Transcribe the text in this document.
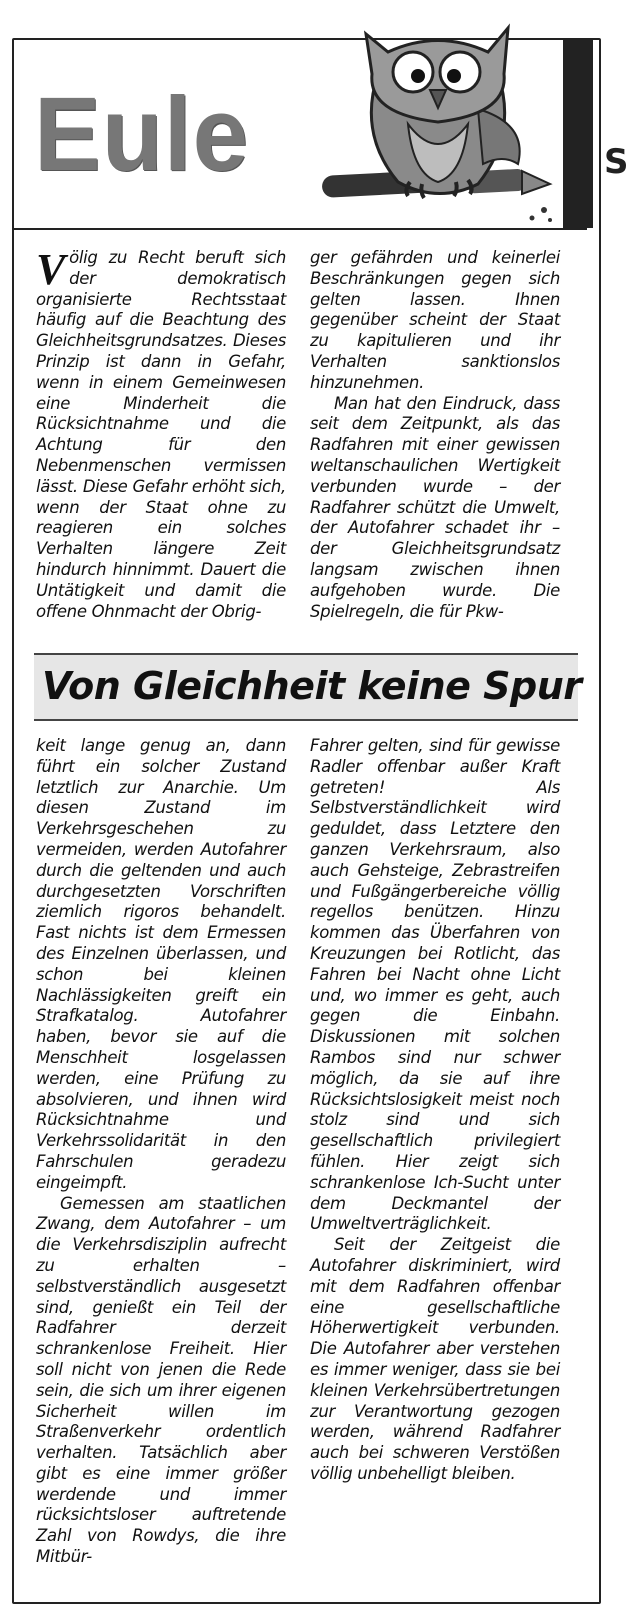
S
Eule
V ölig zu Recht beruft sich der demokratisch organisierte Rechtsstaat häufig auf die Beachtung des Gleichheitsgrundsatzes. Dieses Prinzip ist dann in Gefahr, wenn in einem Gemeinwesen eine Minderheit die Rücksichtnahme und die Achtung für den Nebenmenschen vermissen lässt. Diese Gefahr erhöht sich, wenn der Staat ohne zu reagieren ein solches Verhalten längere Zeit hindurch hinnimmt. Dauert die Untätigkeit und damit die offene Ohnmacht der Obrig-

ger gefährden und keinerlei Beschränkungen gegen sich gelten lassen. Ihnen gegenüber scheint der Staat zu kapitulieren und ihr Verhalten sanktionslos hinzunehmen.

Man hat den Eindruck, dass seit dem Zeitpunkt, als das Radfahren mit einer gewissen weltanschaulichen Wertigkeit verbunden wurde – der Radfahrer schützt die Umwelt, der Autofahrer schadet ihr – der Gleichheitsgrundsatz langsam zwischen ihnen aufgehoben wurde. Die Spielregeln, die für Pkw-

Von Gleichheit keine Spur

keit lange genug an, dann führt ein solcher Zustand letztlich zur Anarchie. Um diesen Zustand im Verkehrsgeschehen zu vermeiden, werden Autofahrer durch die geltenden und auch durchgesetzten Vorschriften ziemlich rigoros behandelt. Fast nichts ist dem Ermessen des Einzelnen überlassen, und schon bei kleinen Nachlässigkeiten greift ein Strafkatalog. Autofahrer haben, bevor sie auf die Menschheit losgelassen werden, eine Prüfung zu absolvieren, und ihnen wird Rücksichtnahme und Verkehrssolidarität in den Fahrschulen geradezu eingeimpft.

Gemessen am staatlichen Zwang, dem Autofahrer – um die Verkehrsdisziplin aufrecht zu erhalten – selbstverständlich ausgesetzt sind, genießt ein Teil der Radfahrer derzeit schrankenlose Freiheit. Hier soll nicht von jenen die Rede sein, die sich um ihrer eigenen Sicherheit willen im Straßenverkehr ordentlich verhalten. Tatsächlich aber gibt es eine immer größer werdende und immer rücksichtsloser auftretende Zahl von Rowdys, die ihre Mitbür-

Fahrer gelten, sind für gewisse Radler offenbar außer Kraft getreten! Als Selbstverständlichkeit wird geduldet, dass Letztere den ganzen Verkehrsraum, also auch Gehsteige, Zebrastreifen und Fußgängerbereiche völlig regellos benützen. Hinzu kommen das Überfahren von Kreuzungen bei Rotlicht, das Fahren bei Nacht ohne Licht und, wo immer es geht, auch gegen die Einbahn. Diskussionen mit solchen Rambos sind nur schwer möglich, da sie auf ihre Rücksichtslosigkeit meist noch stolz sind und sich gesellschaftlich privilegiert fühlen. Hier zeigt sich schrankenlose Ich-Sucht unter dem Deckmantel der Umweltverträglichkeit.

Seit der Zeitgeist die Autofahrer diskriminiert, wird mit dem Radfahren offenbar eine gesellschaftliche Höherwertigkeit verbunden. Die Autofahrer aber verstehen es immer weniger, dass sie bei kleinen Verkehrsübertretungen zur Verantwortung gezogen werden, während Radfahrer auch bei schweren Verstößen völlig unbehelligt bleiben.
